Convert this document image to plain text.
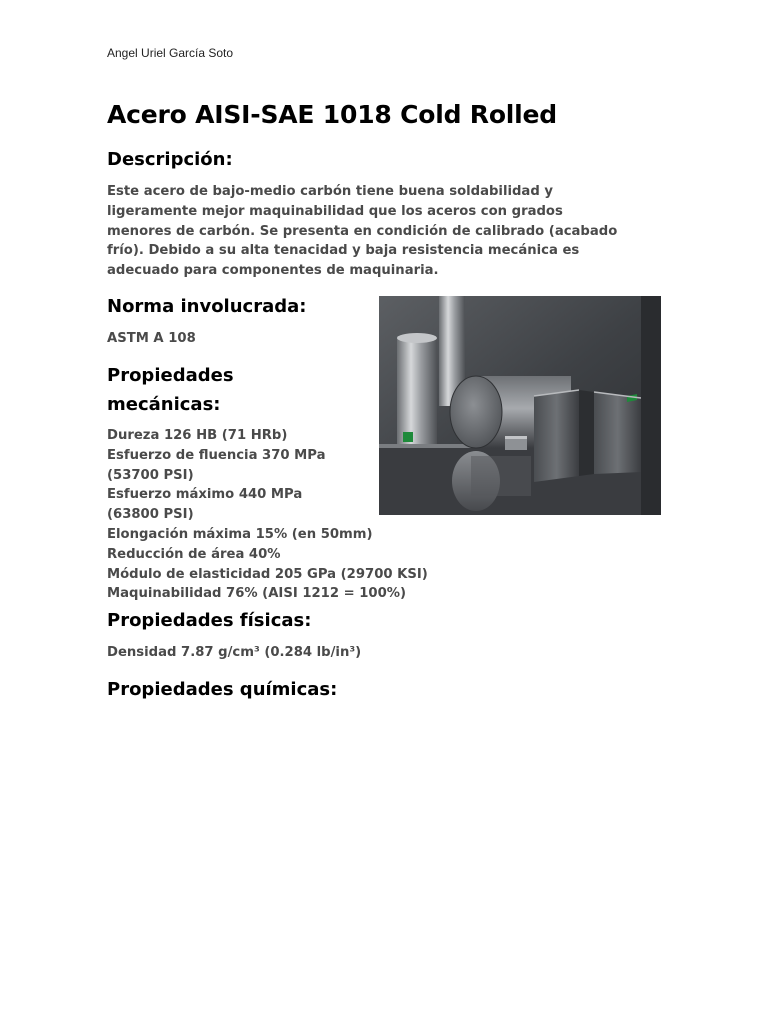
Angel Uriel García Soto
Acero AISI-SAE 1018 Cold Rolled
Descripción:
Este acero de bajo-medio carbón tiene buena soldabilidad y
ligeramente mejor maquinabilidad que los aceros con grados
menores de carbón. Se presenta en condición de calibrado (acabado
frío). Debido a su alta tenacidad y baja resistencia mecánica es
adecuado para componentes de maquinaria.
Norma involucrada:
ASTM A 108
Propiedades
mecánicas:
Dureza 126 HB (71 HRb)
Esfuerzo de fluencia 370 MPa
(53700 PSI)
Esfuerzo máximo 440 MPa
(63800 PSI)
Elongación máxima 15% (en 50mm)
Reducción de área 40%
Módulo de elasticidad 205 GPa (29700 KSI)
Maquinabilidad 76% (AISI 1212 = 100%)
Propiedades físicas:
Densidad 7.87 g/cm³ (0.284 lb/in³)
Propiedades químicas:
